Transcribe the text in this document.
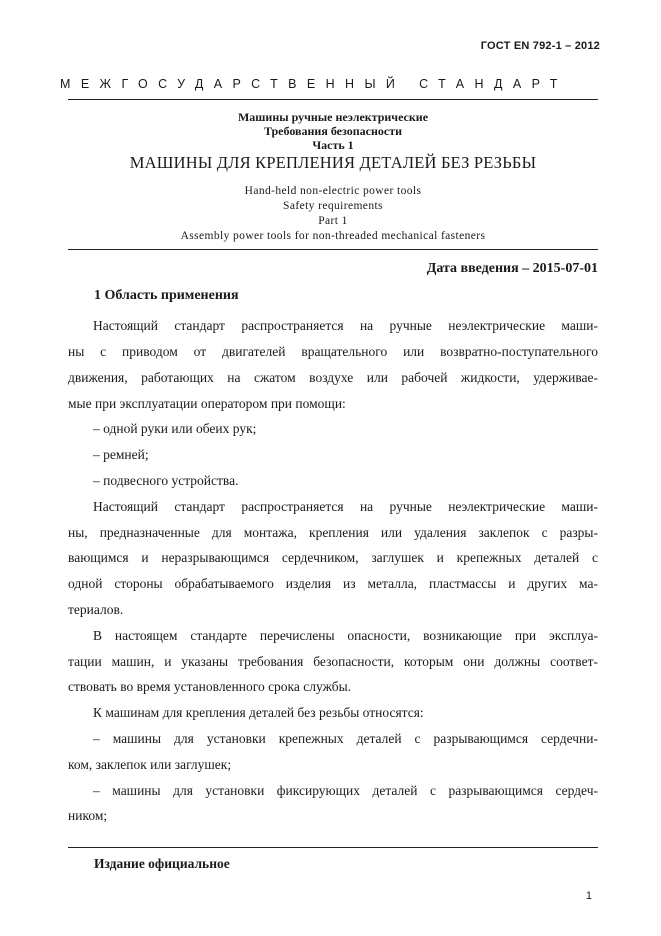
ГОСТ EN 792-1 – 2012
МЕЖГОСУДАРСТВЕННЫЙ СТАНДАРТ
Машины ручные неэлектрические
Требования безопасности
Часть 1
МАШИНЫ ДЛЯ КРЕПЛЕНИЯ ДЕТАЛЕЙ БЕЗ РЕЗЬБЫ
Hand-held non-electric power tools
Safety requirements
Part 1
Assembly power tools for non-threaded mechanical fasteners
Дата введения – 2015-07-01
1 Область применения

Настоящий стандарт распространяется на ручные неэлектрические маши-

ны с приводом от двигателей вращательного или возвратно-поступательного

движения, работающих на сжатом воздухе или рабочей жидкости, удерживае-

мые при эксплуатации оператором при помощи:

– одной руки или обеих рук;

– ремней;

– подвесного устройства.

Настоящий стандарт распространяется на ручные неэлектрические маши-

ны, предназначенные для монтажа, крепления или удаления заклепок с разры-

вающимся и неразрывающимся сердечником, заглушек и крепежных деталей с

одной стороны обрабатываемого изделия из металла, пластмассы и других ма-

териалов.

В настоящем стандарте перечислены опасности, возникающие при эксплуа-

тации машин, и указаны требования безопасности, которым они должны соответ-

ствовать во время установленного срока службы.

К машинам для крепления деталей без резьбы относятся:

– машины для установки крепежных деталей с разрывающимся сердечни-

ком, заклепок или заглушек;

– машины для установки фиксирующих деталей с разрывающимся сердеч-

ником;

Издание официальное
1
